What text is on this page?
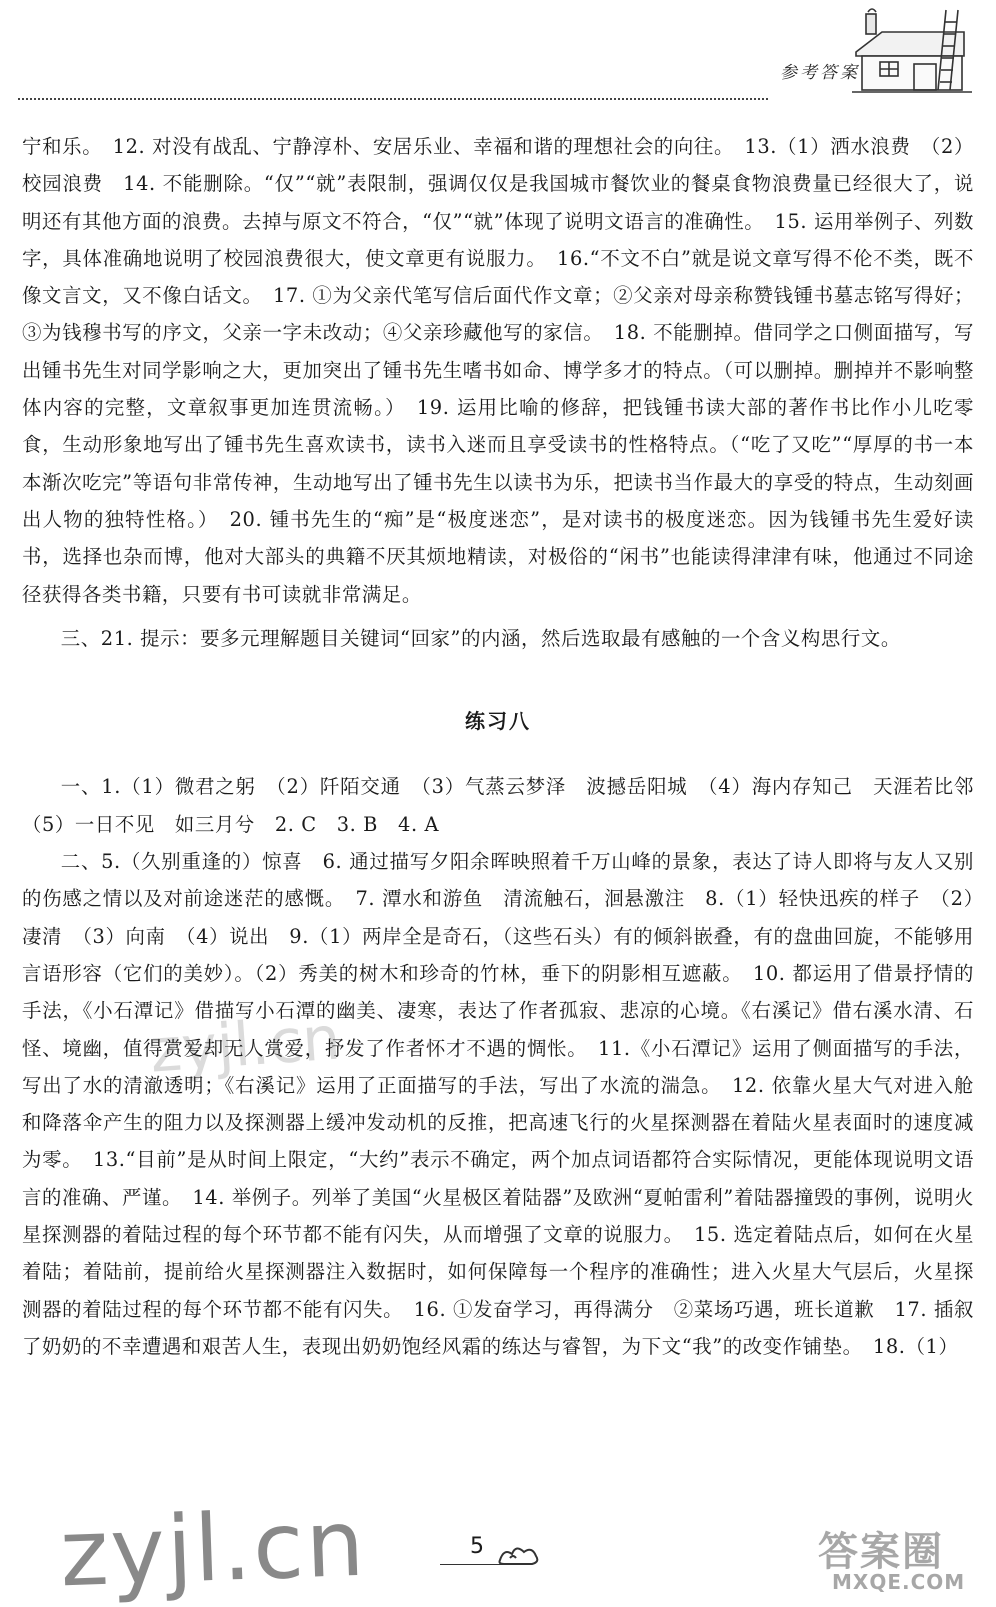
参考答案
zyjl.cn

宁和乐。　12. 对没有战乱、宁静淳朴、安居乐业、幸福和谐的理想社会的向往。　13.（1）洒水浪费　（2）校园浪费　14. 不能删除。“仅”“就”表限制，强调仅仅是我国城市餐饮业的餐桌食物浪费量已经很大了，说明还有其他方面的浪费。去掉与原文不符合，“仅”“就”体现了说明文语言的准确性。　15. 运用举例子、列数字，具体准确地说明了校园浪费很大，使文章更有说服力。　16.“不文不白”就是说文章写得不伦不类，既不像文言文，又不像白话文。　17. ①为父亲代笔写信后面代作文章；②父亲对母亲称赞钱锺书墓志铭写得好；③为钱穆书写的序文，父亲一字未改动；④父亲珍藏他写的家信。　18. 不能删掉。借同学之口侧面描写，写出锺书先生对同学影响之大，更加突出了锺书先生嗜书如命、博学多才的特点。（可以删掉。删掉并不影响整体内容的完整，文章叙事更加连贯流畅。）　19. 运用比喻的修辞，把钱锺书读大部的著作书比作小儿吃零食，生动形象地写出了锺书先生喜欢读书，读书入迷而且享受读书的性格特点。（“吃了又吃”“厚厚的书一本本渐次吃完”等语句非常传神，生动地写出了锺书先生以读书为乐，把读书当作最大的享受的特点，生动刻画出人物的独特性格。）　20. 锺书先生的“痴”是“极度迷恋”，是对读书的极度迷恋。因为钱锺书先生爱好读书，选择也杂而博，他对大部头的典籍不厌其烦地精读，对极俗的“闲书”也能读得津津有味，他通过不同途径获得各类书籍，只要有书可读就非常满足。

三、21. 提示：要多元理解题目关键词“回家”的内涵，然后选取最有感触的一个含义构思行文。

练习八

一、1.（1）微君之躬　（2）阡陌交通　（3）气蒸云梦泽　波撼岳阳城　（4）海内存知己　天涯若比邻　（5）一日不见　如三月兮　2. C　3. B　4. A

二、5.（久别重逢的）惊喜　6. 通过描写夕阳余晖映照着千万山峰的景象，表达了诗人即将与友人又别的伤感之情以及对前途迷茫的感慨。　7. 潭水和游鱼　清流触石，洄悬激注　8.（1）轻快迅疾的样子　（2）凄清　（3）向南　（4）说出　9.（1）两岸全是奇石，（这些石头）有的倾斜嵌叠，有的盘曲回旋，不能够用言语形容（它们的美妙）。（2）秀美的树木和珍奇的竹林，垂下的阴影相互遮蔽。　10. 都运用了借景抒情的手法，《小石潭记》借描写小石潭的幽美、凄寒，表达了作者孤寂、悲凉的心境。《右溪记》借右溪水清、石怪、境幽，值得赏爱却无人赏爱，抒发了作者怀才不遇的惆怅。　11.《小石潭记》运用了侧面描写的手法，写出了水的清澈透明；《右溪记》运用了正面描写的手法，写出了水流的湍急。　12. 依靠火星大气对进入舱和降落伞产生的阻力以及探测器上缓冲发动机的反推，把高速飞行的火星探测器在着陆火星表面时的速度减为零。　13.“目前”是从时间上限定，“大约”表示不确定，两个加点词语都符合实际情况，更能体现说明文语言的准确、严谨。　14. 举例子。列举了美国“火星极区着陆器”及欧洲“夏帕雷利”着陆器撞毁的事例，说明火星探测器的着陆过程的每个环节都不能有闪失，从而增强了文章的说服力。　15. 选定着陆点后，如何在火星着陆；着陆前，提前给火星探测器注入数据时，如何保障每一个程序的准确性；进入火星大气层后，火星探测器的着陆过程的每个环节都不能有闪失。　16. ①发奋学习，再得满分　②菜场巧遇，班长道歉　17. 插叙了奶奶的不幸遭遇和艰苦人生，表现出奶奶饱经风霜的练达与睿智，为下文“我”的改变作铺垫。　18.（1）

zyjl.cn	5	答案圈
MXQE.COM
